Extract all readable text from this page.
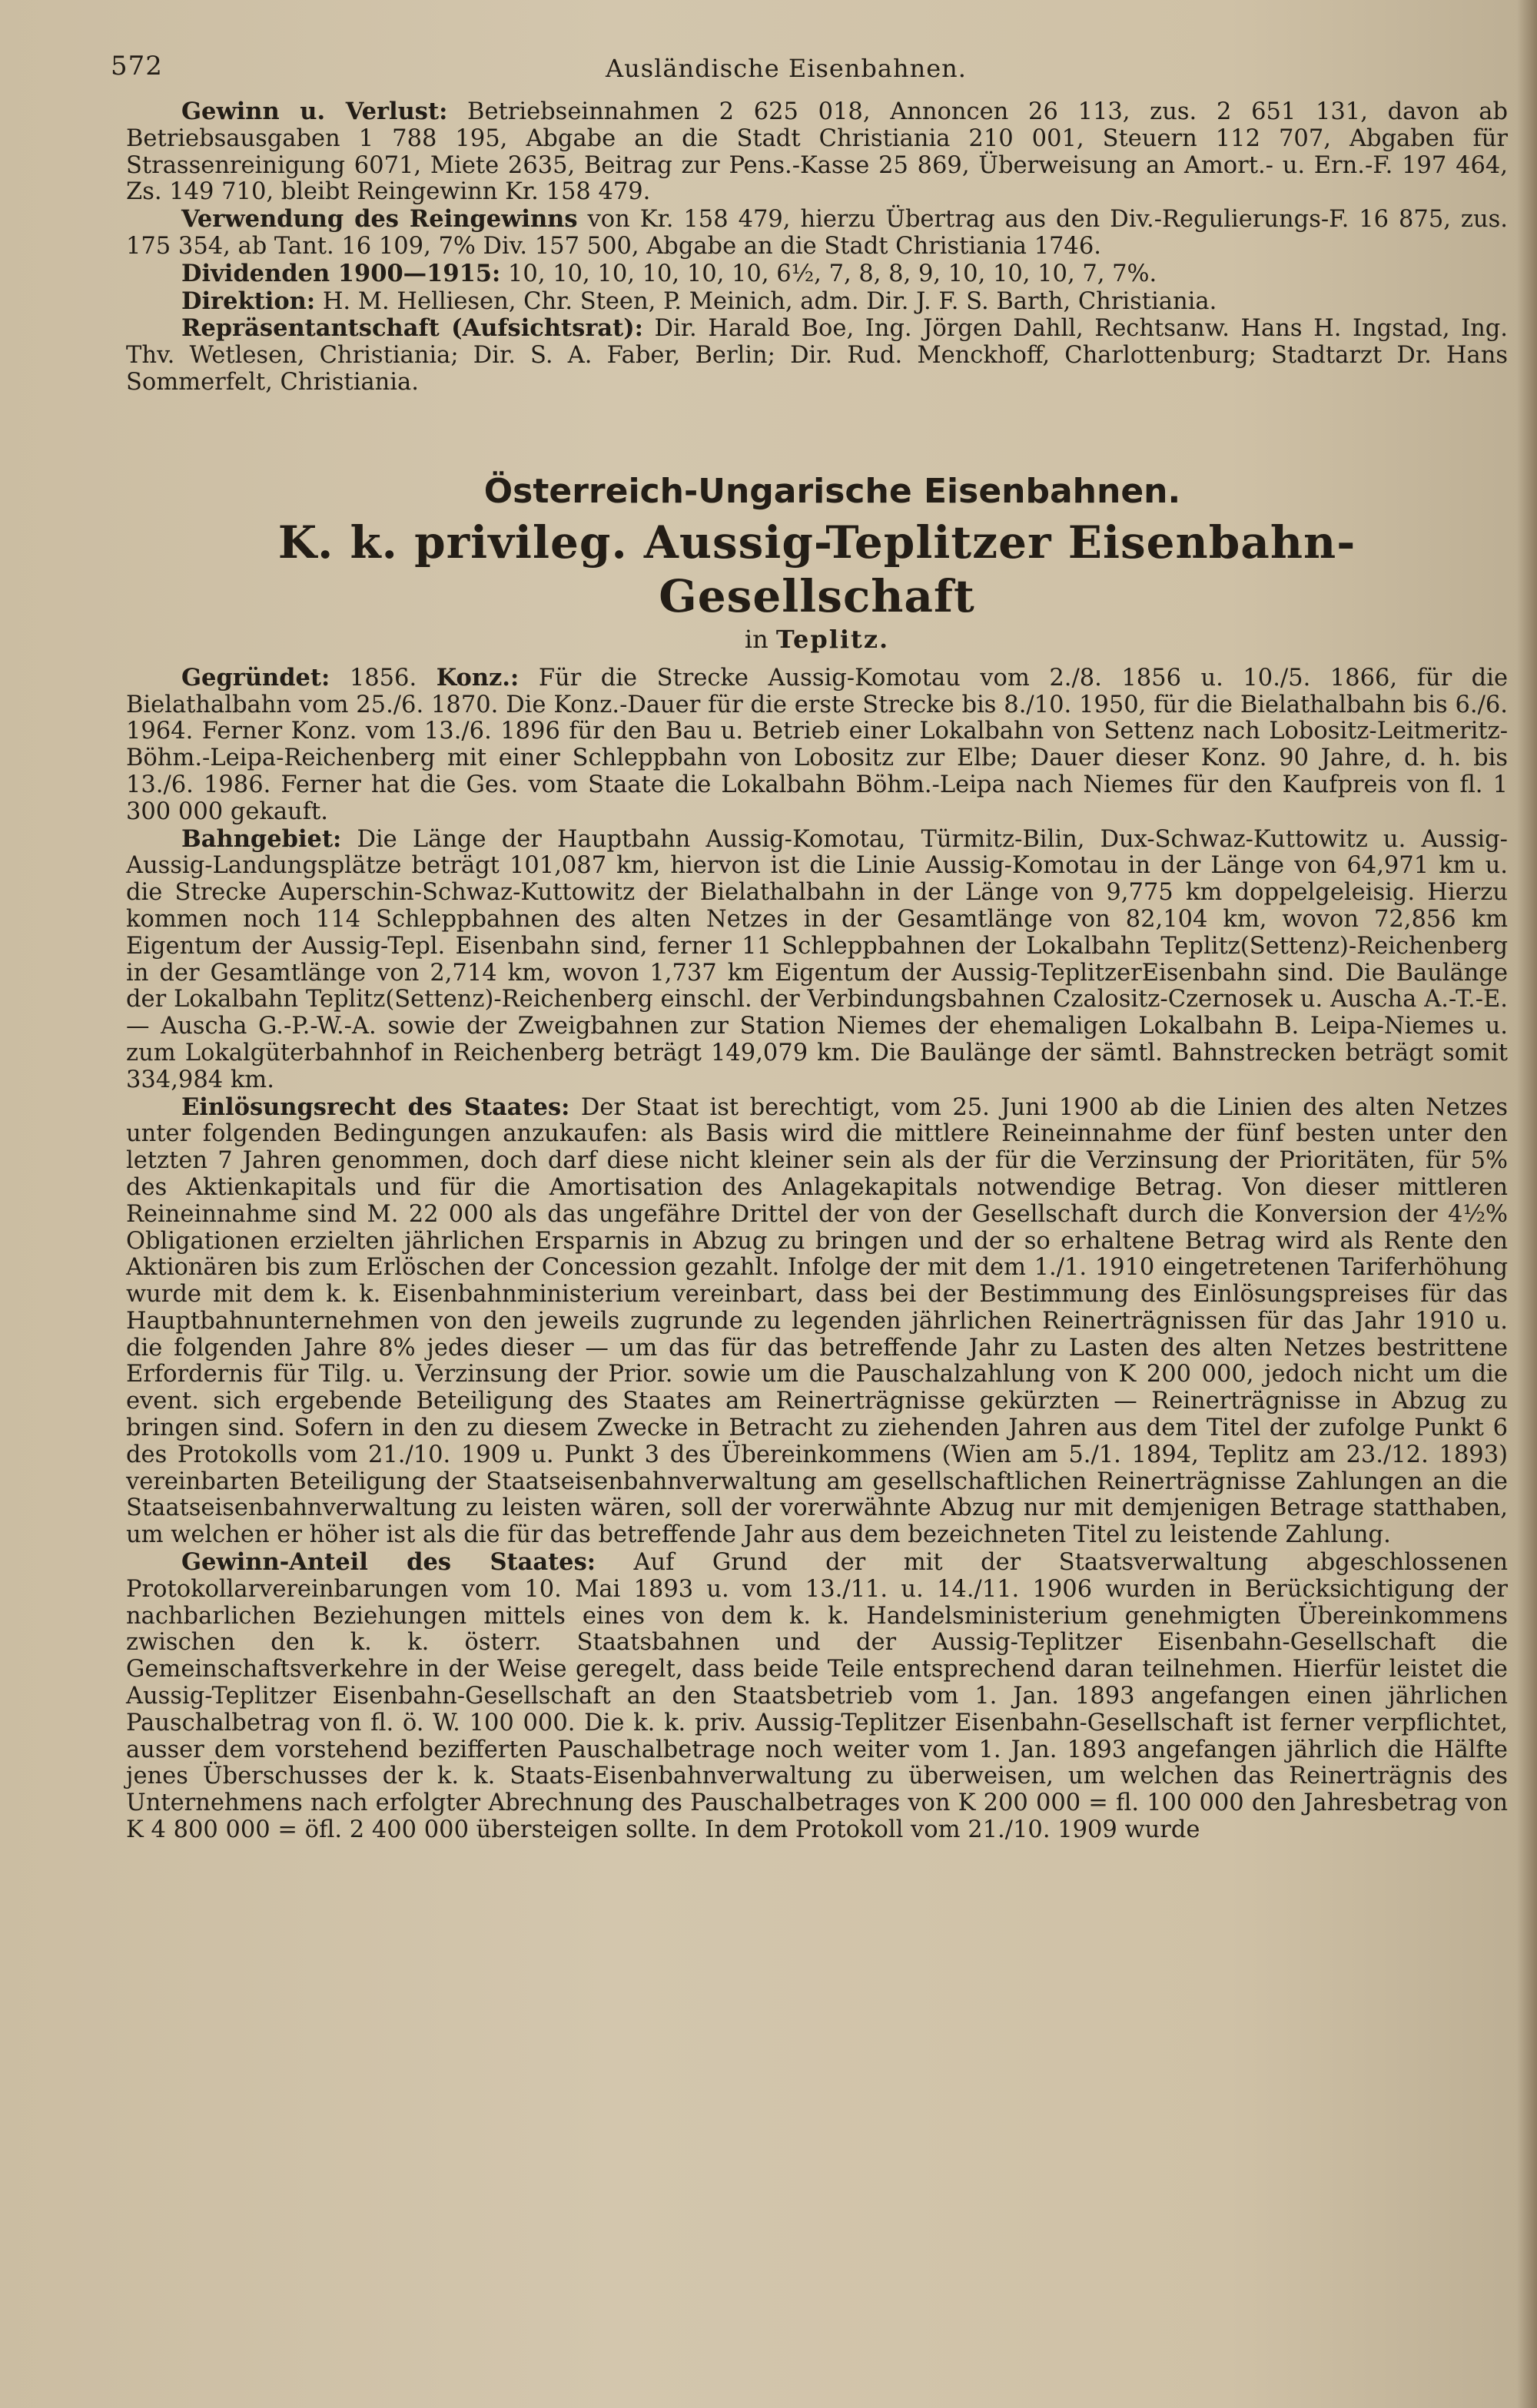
572	Ausländische Eisenbahnen.

Gewinn u. Verlust: Betriebseinnahmen 2 625 018, Annoncen 26 113, zus. 2 651 131, davon ab Betriebsausgaben 1 788 195, Abgabe an die Stadt Christiania 210 001, Steuern 112 707, Abgaben für Strassenreinigung 6071, Miete 2635, Beitrag zur Pens.-Kasse 25 869, Überweisung an Amort.- u. Ern.-F. 197 464, Zs. 149 710, bleibt Reingewinn Kr. 158 479.

Verwendung des Reingewinns von Kr. 158 479, hierzu Übertrag aus den Div.-Regulierungs-F. 16 875, zus. 175 354, ab Tant. 16 109, 7% Div. 157 500, Abgabe an die Stadt Christiania 1746.

Dividenden 1900—1915: 10, 10, 10, 10, 10, 10, 6½, 7, 8, 8, 9, 10, 10, 10, 7, 7%.

Direktion: H. M. Helliesen, Chr. Steen, P. Meinich, adm. Dir. J. F. S. Barth, Christiania.

Repräsentantschaft (Aufsichtsrat): Dir. Harald Boe, Ing. Jörgen Dahll, Rechtsanw. Hans H. Ingstad, Ing. Thv. Wetlesen, Christiania; Dir. S. A. Faber, Berlin; Dir. Rud. Menckhoff, Charlottenburg; Stadtarzt Dr. Hans Sommerfelt, Christiania.

Österreich-Ungarische Eisenbahnen.
K. k. privileg. Aussig-Teplitzer Eisenbahn-Gesellschaft
in Teplitz.

Gegründet: 1856. Konz.: Für die Strecke Aussig-Komotau vom 2./8. 1856 u. 10./5. 1866, für die Bielathalbahn vom 25./6. 1870. Die Konz.-Dauer für die erste Strecke bis 8./10. 1950, für die Bielathalbahn bis 6./6. 1964. Ferner Konz. vom 13./6. 1896 für den Bau u. Betrieb einer Lokalbahn von Settenz nach Lobositz-Leitmeritz-Böhm.-Leipa-Reichenberg mit einer Schleppbahn von Lobositz zur Elbe; Dauer dieser Konz. 90 Jahre, d. h. bis 13./6. 1986. Ferner hat die Ges. vom Staate die Lokalbahn Böhm.-Leipa nach Niemes für den Kaufpreis von fl. 1 300 000 gekauft.

Bahngebiet: Die Länge der Hauptbahn Aussig-Komotau, Türmitz-Bilin, Dux-Schwaz-Kuttowitz u. Aussig-Aussig-Landungsplätze beträgt 101,087 km, hiervon ist die Linie Aussig-Komotau in der Länge von 64,971 km u. die Strecke Auperschin-Schwaz-Kuttowitz der Bielathalbahn in der Länge von 9,775 km doppelgeleisig. Hierzu kommen noch 114 Schleppbahnen des alten Netzes in der Gesamtlänge von 82,104 km, wovon 72,856 km Eigentum der Aussig-Tepl. Eisenbahn sind, ferner 11 Schleppbahnen der Lokalbahn Teplitz(Settenz)-Reichenberg in der Gesamtlänge von 2,714 km, wovon 1,737 km Eigentum der Aussig-TeplitzerEisenbahn sind. Die Baulänge der Lokalbahn Teplitz(Settenz)-Reichenberg einschl. der Verbindungsbahnen Czalositz-Czernosek u. Auscha A.-T.-E.— Auscha G.-P.-W.-A. sowie der Zweigbahnen zur Station Niemes der ehemaligen Lokalbahn B. Leipa-Niemes u. zum Lokalgüterbahnhof in Reichenberg beträgt 149,079 km. Die Baulänge der sämtl. Bahnstrecken beträgt somit 334,984 km.

Einlösungsrecht des Staates: Der Staat ist berechtigt, vom 25. Juni 1900 ab die Linien des alten Netzes unter folgenden Bedingungen anzukaufen: als Basis wird die mittlere Reineinnahme der fünf besten unter den letzten 7 Jahren genommen, doch darf diese nicht kleiner sein als der für die Verzinsung der Prioritäten, für 5% des Aktienkapitals und für die Amortisation des Anlagekapitals notwendige Betrag. Von dieser mittleren Reineinnahme sind M. 22 000 als das ungefähre Drittel der von der Gesellschaft durch die Konversion der 4½% Obligationen erzielten jährlichen Ersparnis in Abzug zu bringen und der so erhaltene Betrag wird als Rente den Aktionären bis zum Erlöschen der Concession gezahlt. Infolge der mit dem 1./1. 1910 eingetretenen Tariferhöhung wurde mit dem k. k. Eisenbahnministerium vereinbart, dass bei der Bestimmung des Einlösungspreises für das Hauptbahnunternehmen von den jeweils zugrunde zu legenden jährlichen Reinerträgnissen für das Jahr 1910 u. die folgenden Jahre 8% jedes dieser — um das für das betreffende Jahr zu Lasten des alten Netzes bestrittene Erfordernis für Tilg. u. Verzinsung der Prior. sowie um die Pauschalzahlung von K 200 000, jedoch nicht um die event. sich ergebende Beteiligung des Staates am Reinerträgnisse gekürzten — Reinerträgnisse in Abzug zu bringen sind. Sofern in den zu diesem Zwecke in Betracht zu ziehenden Jahren aus dem Titel der zufolge Punkt 6 des Protokolls vom 21./10. 1909 u. Punkt 3 des Übereinkommens (Wien am 5./1. 1894, Teplitz am 23./12. 1893) vereinbarten Beteiligung der Staatseisenbahnverwaltung am gesellschaftlichen Reinerträgnisse Zahlungen an die Staatseisenbahnverwaltung zu leisten wären, soll der vorerwähnte Abzug nur mit demjenigen Betrage statthaben, um welchen er höher ist als die für das betreffende Jahr aus dem bezeichneten Titel zu leistende Zahlung.

Gewinn-Anteil des Staates: Auf Grund der mit der Staatsverwaltung abgeschlossenen Protokollarvereinbarungen vom 10. Mai 1893 u. vom 13./11. u. 14./11. 1906 wurden in Berücksichtigung der nachbarlichen Beziehungen mittels eines von dem k. k. Handelsministerium genehmigten Übereinkommens zwischen den k. k. österr. Staatsbahnen und der Aussig-Teplitzer Eisenbahn-Gesellschaft die Gemeinschaftsverkehre in der Weise geregelt, dass beide Teile entsprechend daran teilnehmen. Hierfür leistet die Aussig-Teplitzer Eisenbahn-Gesellschaft an den Staatsbetrieb vom 1. Jan. 1893 angefangen einen jährlichen Pauschalbetrag von fl. ö. W. 100 000. Die k. k. priv. Aussig-Teplitzer Eisenbahn-Gesellschaft ist ferner verpflichtet, ausser dem vorstehend bezifferten Pauschalbetrage noch weiter vom 1. Jan. 1893 angefangen jährlich die Hälfte jenes Überschusses der k. k. Staats-Eisenbahnverwaltung zu überweisen, um welchen das Reinerträgnis des Unternehmens nach erfolgter Abrechnung des Pauschalbetrages von K 200 000 = fl. 100 000 den Jahresbetrag von K 4 800 000 = öfl. 2 400 000 übersteigen sollte. In dem Protokoll vom 21./10. 1909 wurde
